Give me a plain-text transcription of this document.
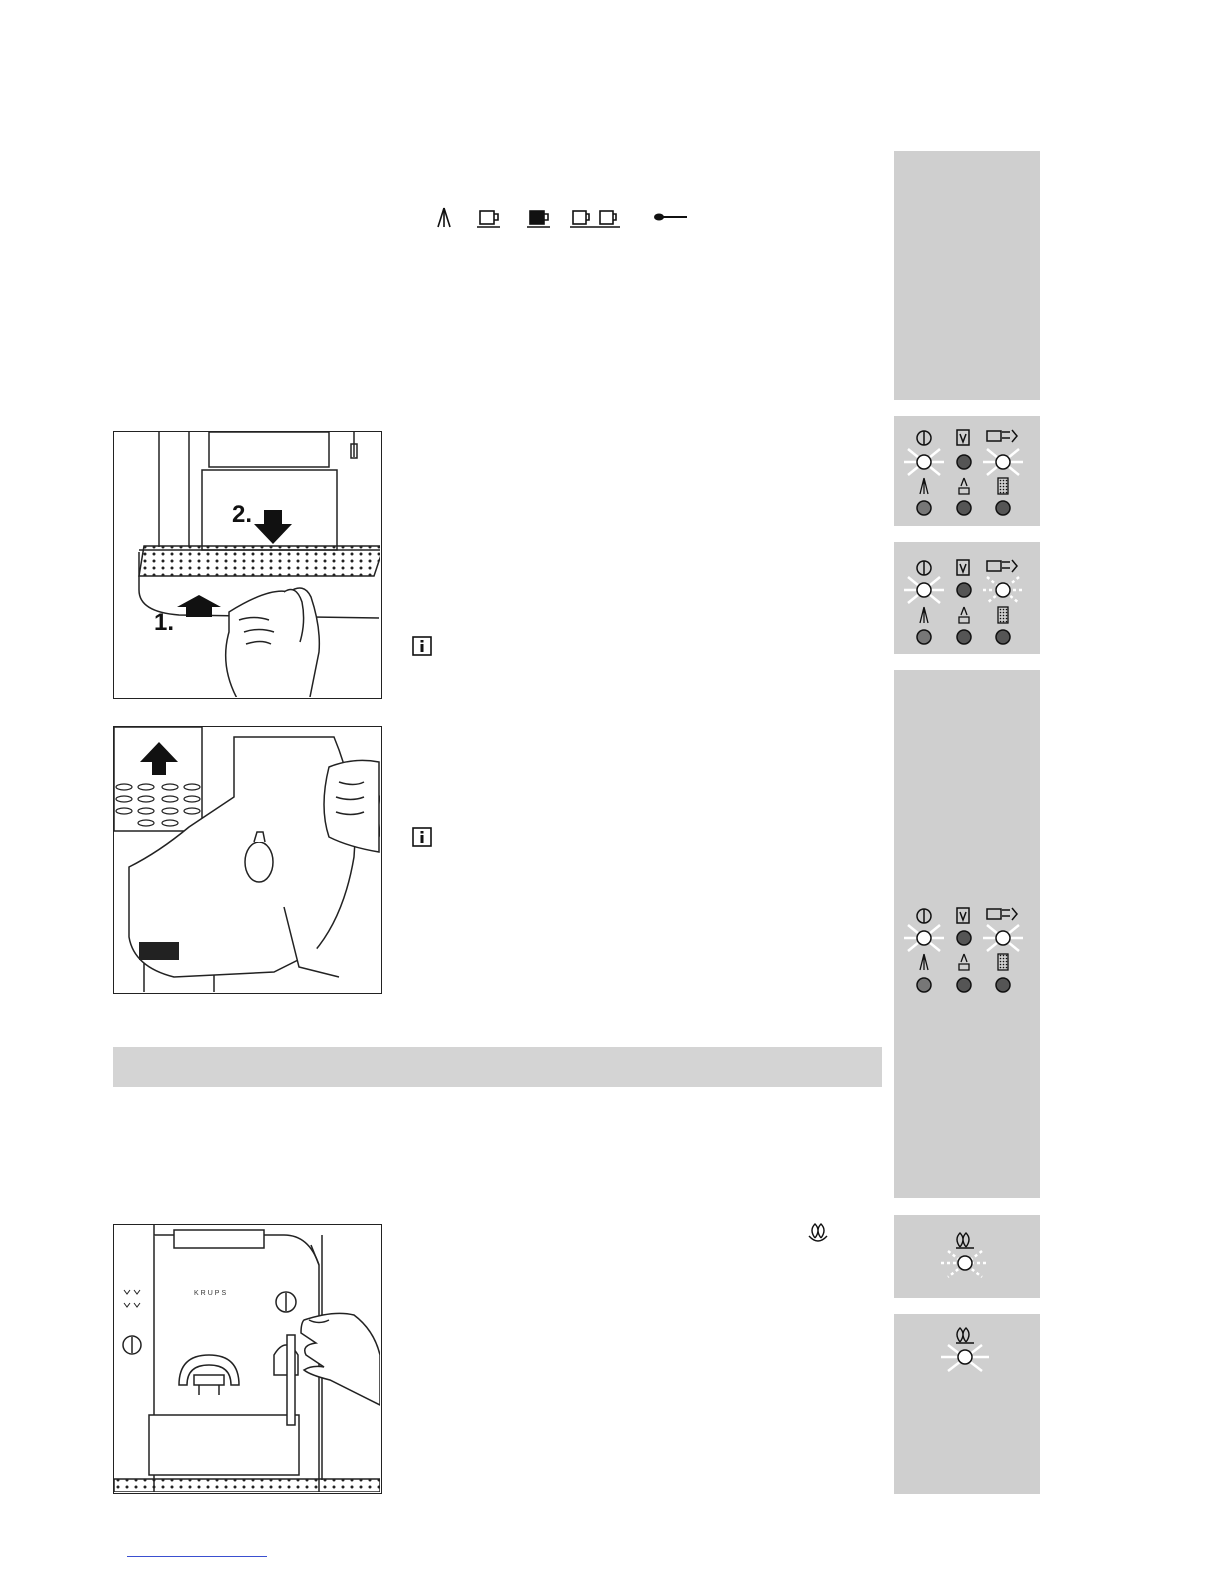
2.
1.
KRUPS
